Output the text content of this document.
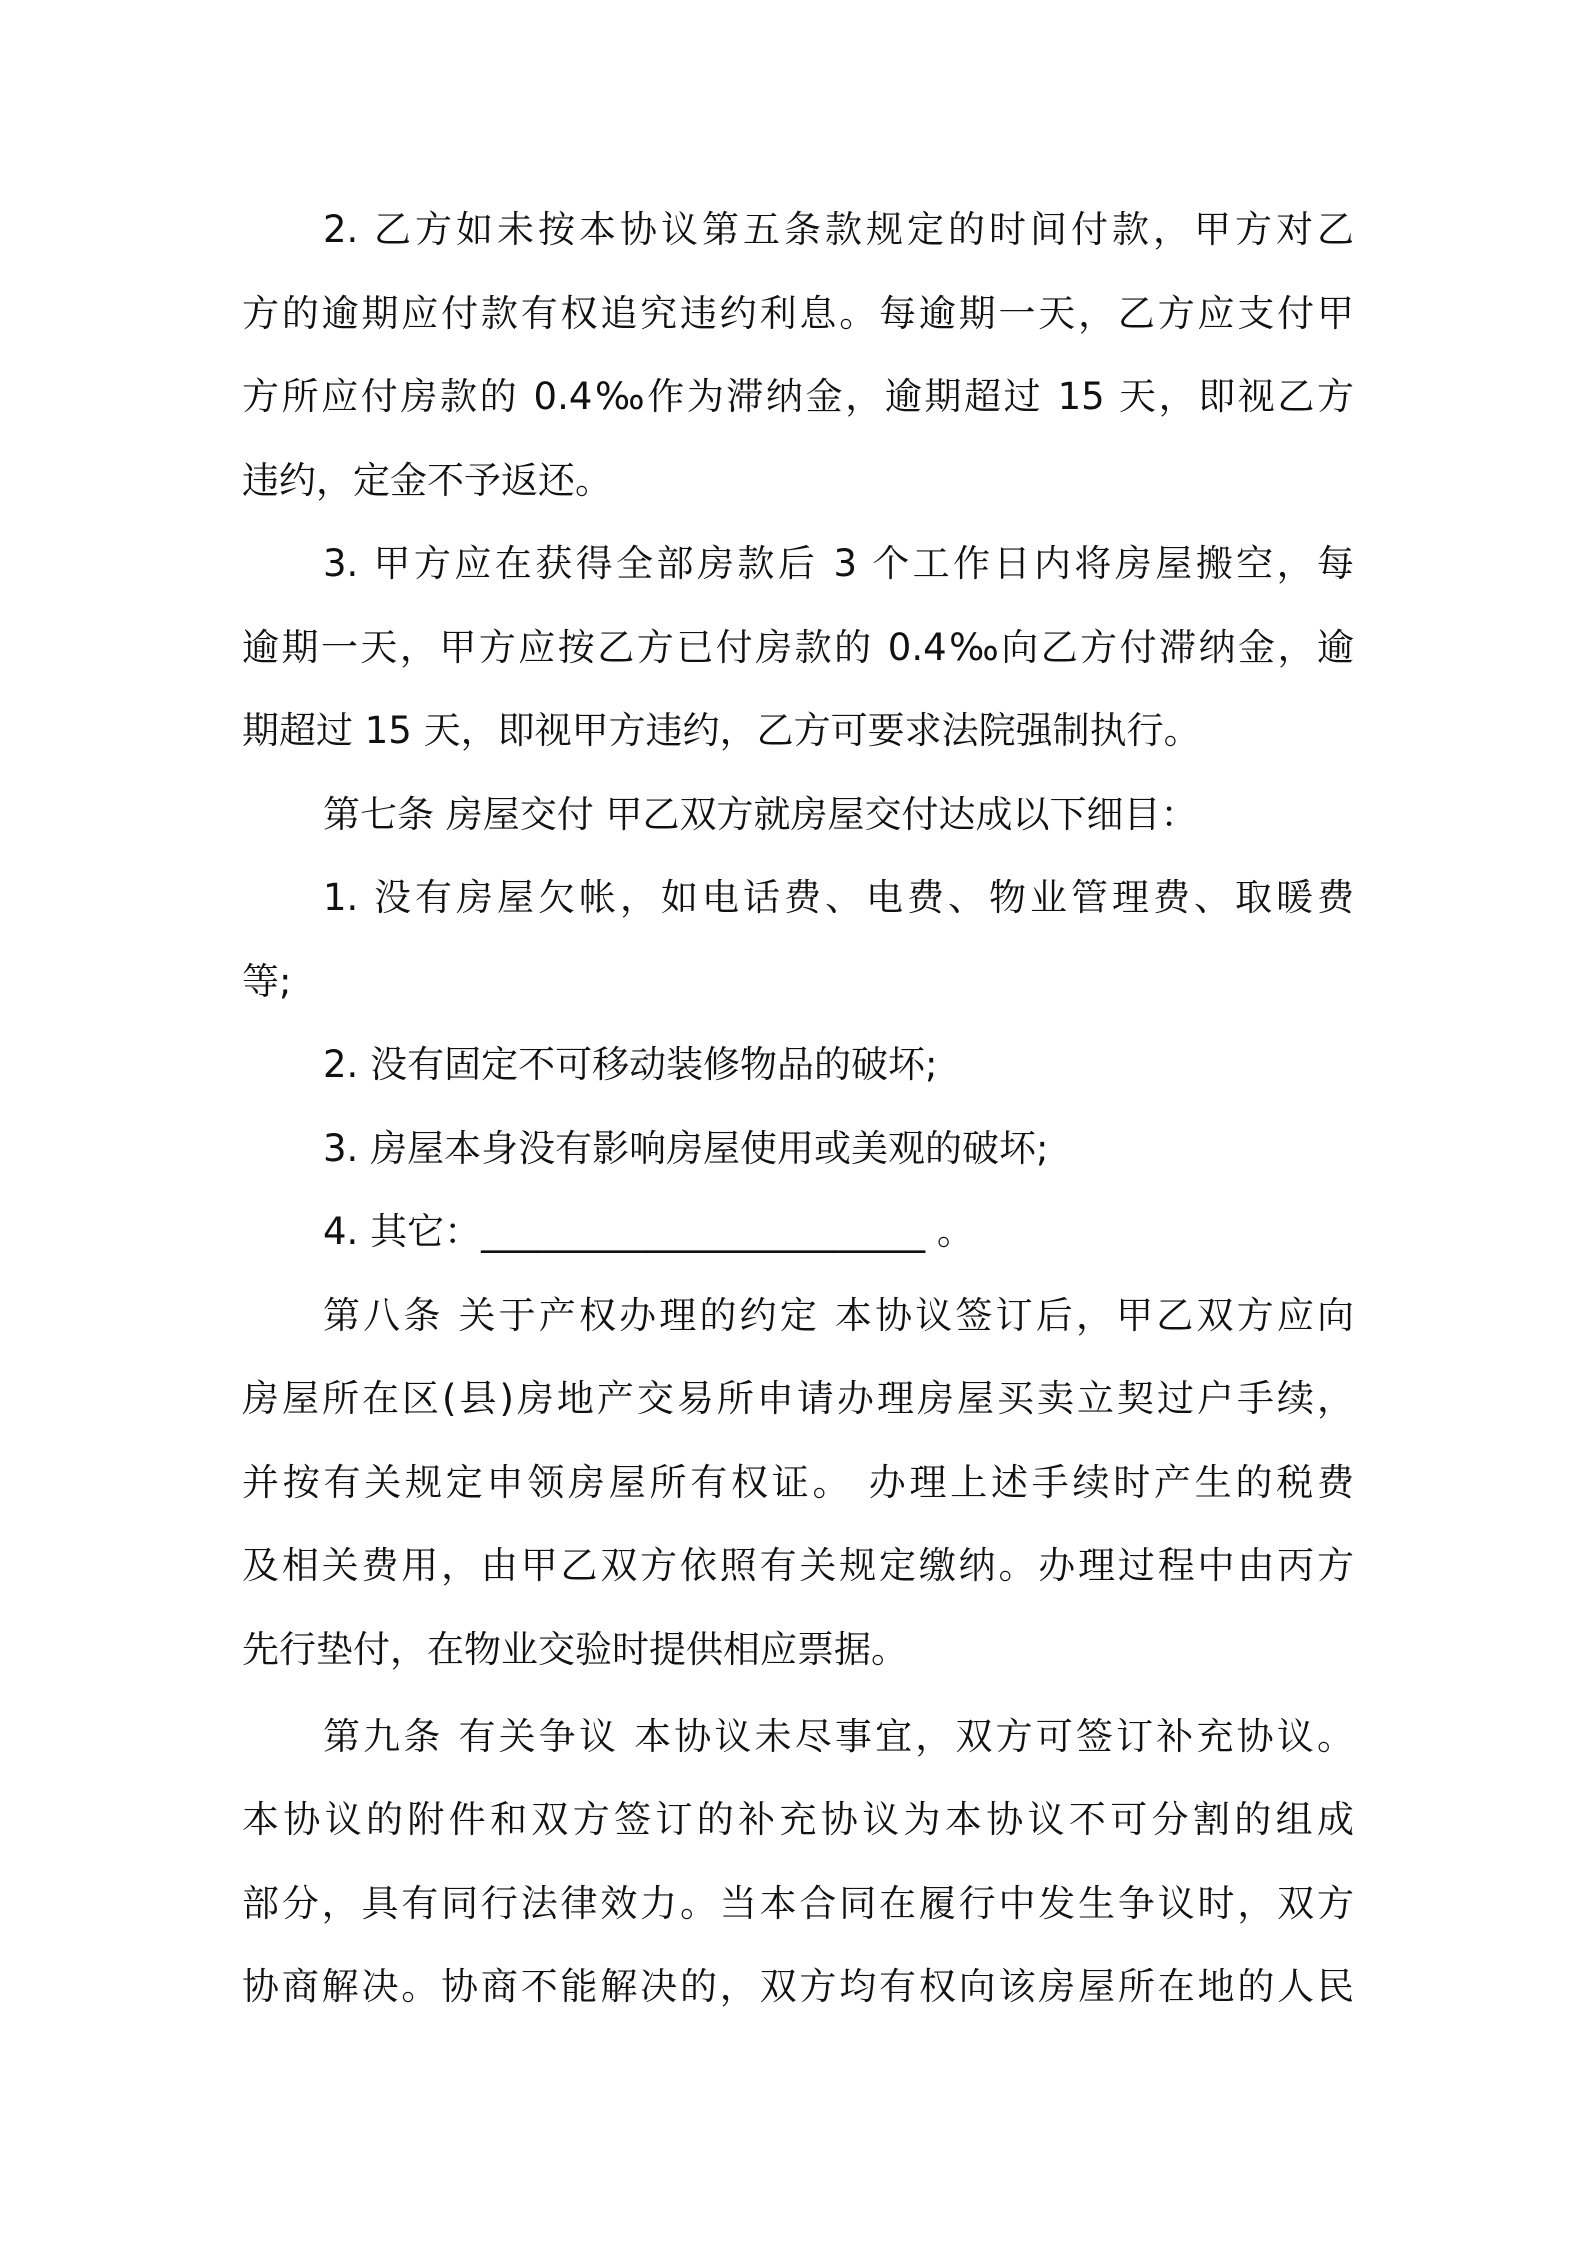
2. 乙方如未按本协议第五条款规定的时间付款，甲方对乙
方的逾期应付款有权追究违约利息。每逾期一天，乙方应支付甲
方所应付房款的 0.4‰作为滞纳金，逾期超过 15 天，即视乙方
违约，定金不予返还。
3. 甲方应在获得全部房款后 3 个工作日内将房屋搬空，每
逾期一天，甲方应按乙方已付房款的 0.4‰向乙方付滞纳金，逾
期超过 15 天，即视甲方违约，乙方可要求法院强制执行。
第七条 房屋交付 甲乙双方就房屋交付达成以下细目：
1. 没有房屋欠帐，如电话费、电费、物业管理费、取暖费
等;
2. 没有固定不可移动装修物品的破坏;
3. 房屋本身没有影响房屋使用或美观的破坏;
4. 其它：________________________ 。
第八条 关于产权办理的约定 本协议签订后，甲乙双方应向
房屋所在区(县)房地产交易所申请办理房屋买卖立契过户手续，
并按有关规定申领房屋所有权证。 办理上述手续时产生的税费
及相关费用，由甲乙双方依照有关规定缴纳。办理过程中由丙方
先行垫付，在物业交验时提供相应票据。
第九条 有关争议 本协议未尽事宜，双方可签订补充协议。
本协议的附件和双方签订的补充协议为本协议不可分割的组成
部分，具有同行法律效力。当本合同在履行中发生争议时，双方
协商解决。协商不能解决的，双方均有权向该房屋所在地的人民
